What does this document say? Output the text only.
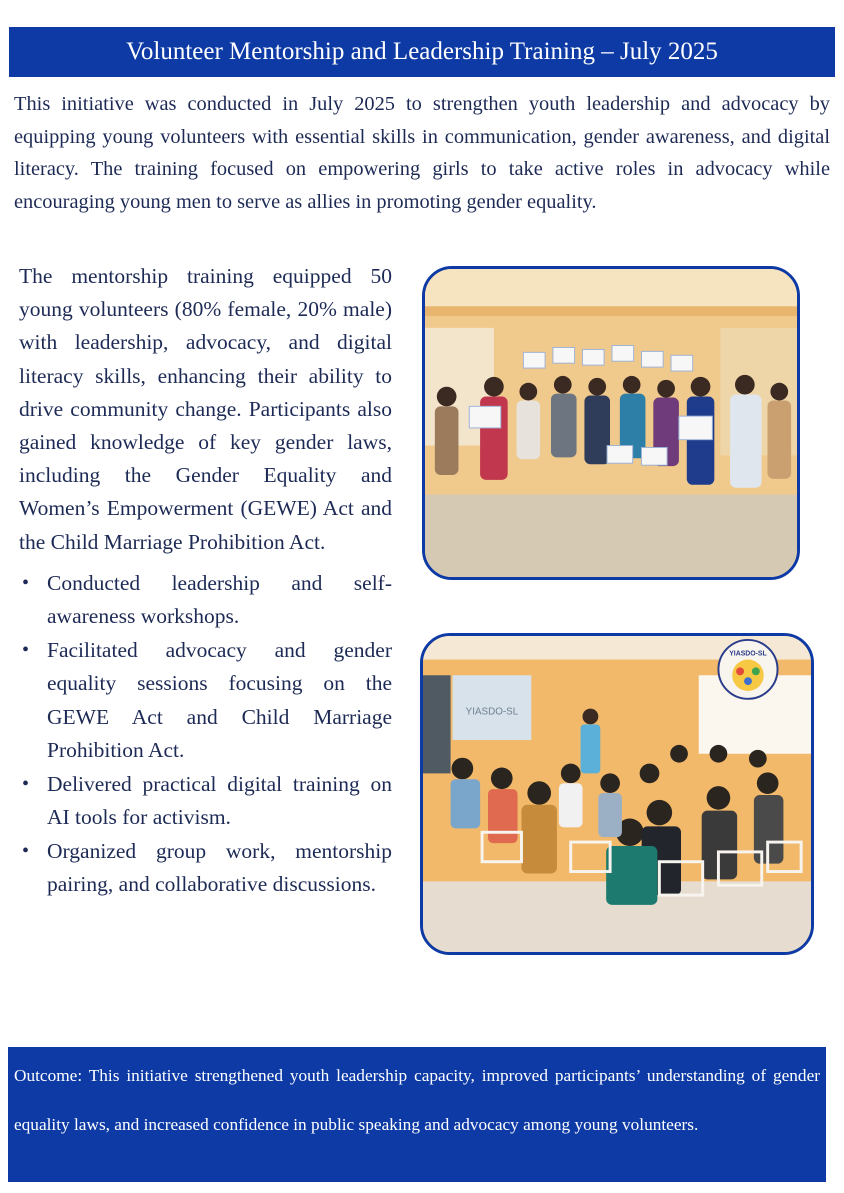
Volunteer Mentorship and Leadership Training – July 2025

This initiative was conducted in July 2025 to strengthen youth leadership and advocacy by equipping young volunteers with essential skills in communication, gender awareness, and digital literacy. The training focused on empowering girls to take active roles in advocacy while encouraging young men to serve as allies in promoting gender equality.

The mentorship training equipped 50 young volunteers (80% female, 20% male) with leadership, advocacy, and digital literacy skills, enhancing their ability to drive community change. Participants also gained knowledge of key gender laws, including the Gender Equality and Women’s Empowerment (GEWE) Act and the Child Marriage Prohibition Act.

• Conducted leadership and self-awareness workshops.
• Facilitated advocacy and gender equality sessions focusing on the GEWE Act and Child Marriage Prohibition Act.
• Delivered practical digital training on AI tools for activism.
• Organized group work, mentorship pairing, and collaborative discussions.
YIASDO-SL
YIASDO-SL

Outcome: This initiative strengthened youth leadership capacity, improved participants’ understanding of gender equality laws, and increased confidence in public speaking and advocacy among young volunteers.
